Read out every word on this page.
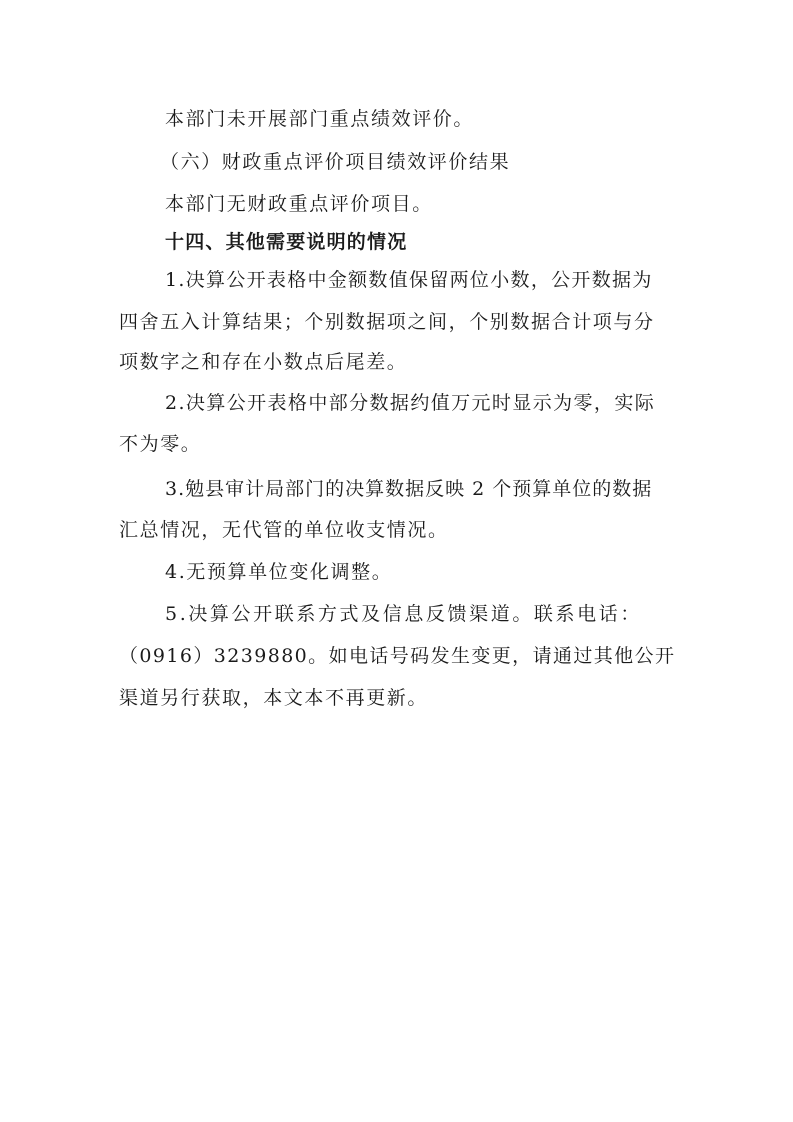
本部门未开展部门重点绩效评价。
（六）财政重点评价项目绩效评价结果
本部门无财政重点评价项目。
十四、其他需要说明的情况
1.决算公开表格中金额数值保留两位小数，公开数据为
四舍五入计算结果；个别数据项之间，个别数据合计项与分
项数字之和存在小数点后尾差。
2.决算公开表格中部分数据约值万元时显示为零，实际
不为零。
3.勉县审计局部门的决算数据反映 2 个预算单位的数据
汇总情况，无代管的单位收支情况。
4.无预算单位变化调整。
5.决算公开联系方式及信息反馈渠道。联系电话：
（0916）3239880。如电话号码发生变更，请通过其他公开
渠道另行获取，本文本不再更新。
